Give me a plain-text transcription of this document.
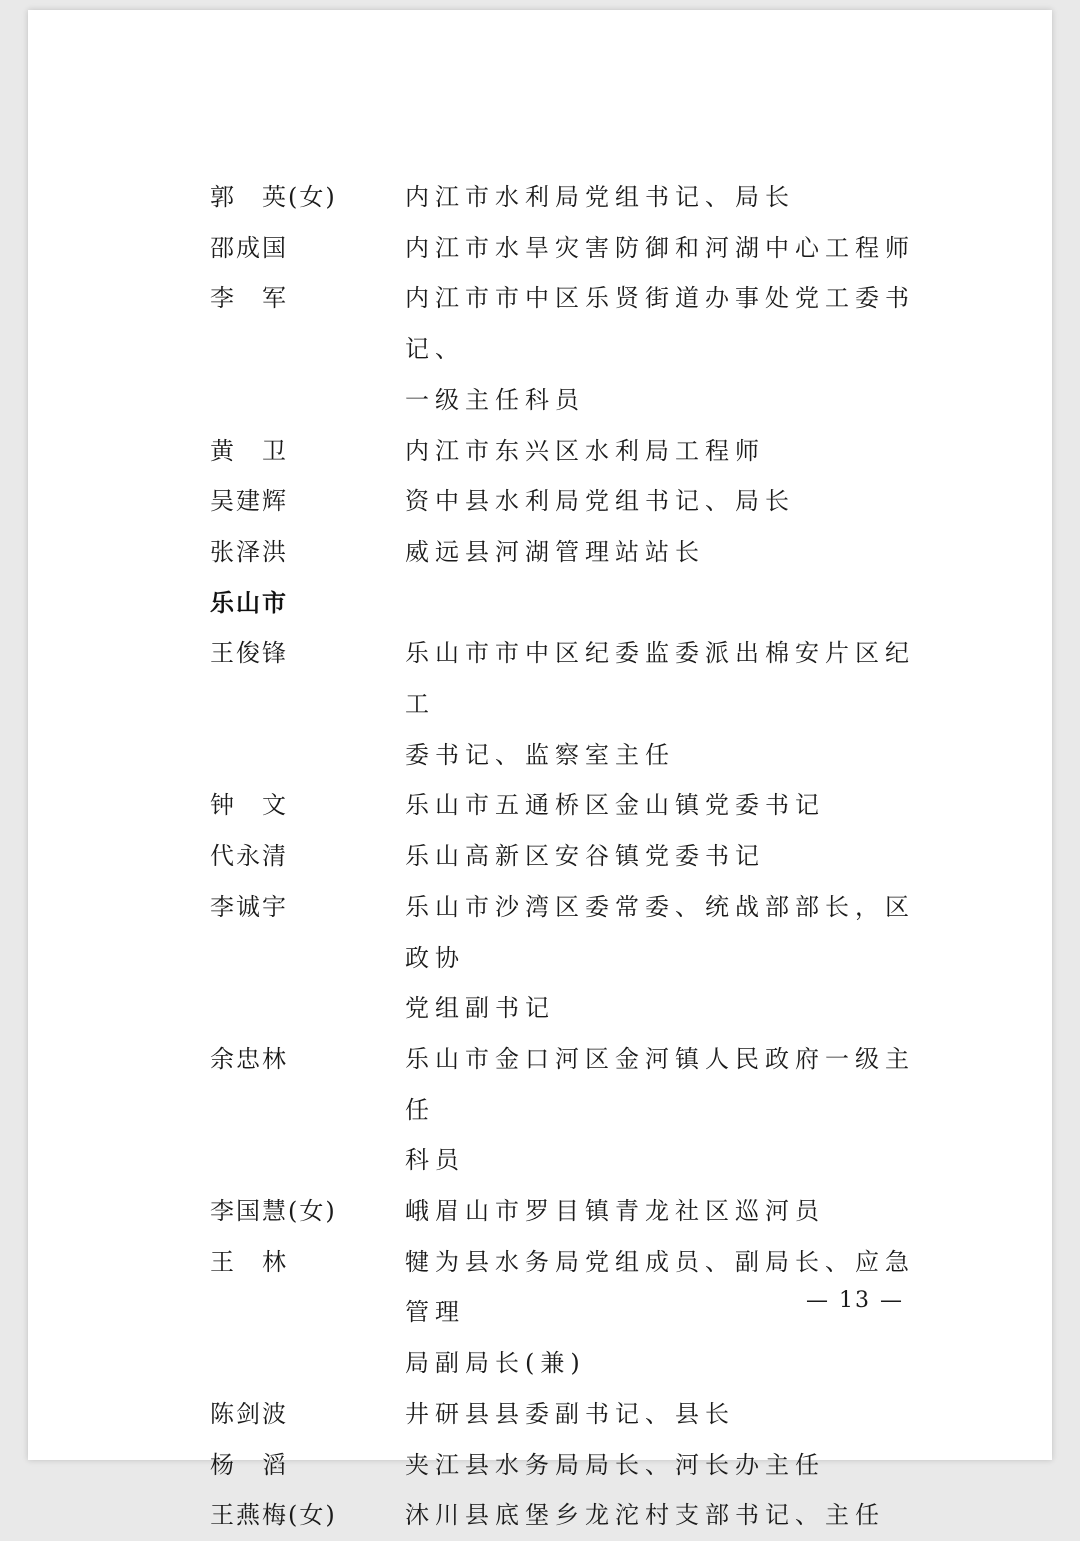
郭　英(女)	内江市水利局党组书记、局长
邵成国	内江市水旱灾害防御和河湖中心工程师
李　军	内江市市中区乐贤街道办事处党工委书记、
一级主任科员
黄　卫	内江市东兴区水利局工程师
吴建辉	资中县水利局党组书记、局长
张泽洪	威远县河湖管理站站长
乐山市
王俊锋	乐山市市中区纪委监委派出棉安片区纪工
委书记、监察室主任
钟　文	乐山市五通桥区金山镇党委书记
代永清	乐山高新区安谷镇党委书记
李诚宇	乐山市沙湾区委常委、统战部部长，区政协
党组副书记
余忠林	乐山市金口河区金河镇人民政府一级主任
科员
李国慧(女)	峨眉山市罗目镇青龙社区巡河员
王　林	犍为县水务局党组成员、副局长、应急管理
局副局长(兼)
陈剑波	井研县县委副书记、县长
杨　滔	夹江县水务局局长、河长办主任
王燕梅(女)	沐川县底堡乡龙沱村支部书记、主任
— 13 —
